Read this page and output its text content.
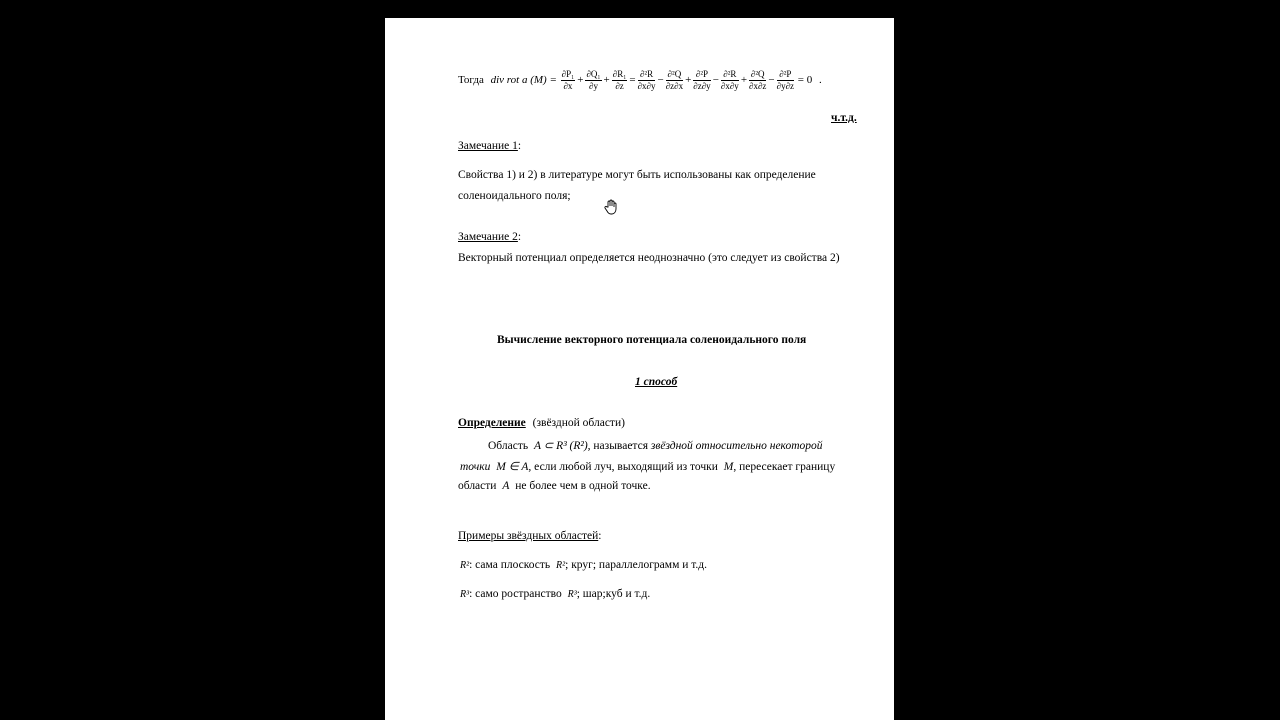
Тогда div rot a $(M) = \frac{\text{∂P₁}}{\partial x} + \frac{\text{∂Q₁}}{\partial y} + \frac{\text{∂R₁}}{\partial z} = \frac{\text{∂²R}}{\partial x\partial y} - \frac{\text{∂²Q}}{\partial z\partial x} + \frac{\text{∂²P}}{\partial z\partial y} - \frac{\text{∂²R}}{\partial x\partial y} + \frac{\text{∂²Q}}{\partial x\partial z} - \frac{\text{∂²P}}{\partial y\partial z} = 0$ .
ч.т.д.
Замечание 1:
Свойства 1) и 2) в литературе могут быть использованы как определение
соленоидального поля;
Замечание 2:
Векторный потенциал определяется неоднозначно (это следует из свойства 2)
Вычисление векторного потенциала соленоидального поля
1 способ
Определение (звёздной области)
Область A ⊂ R³ (R²), называется звёздной относительно некоторой
точки M ∈ A, если любой луч, выходящий из точки M, пересекает границу
области A не более чем в одной точке.
Примеры звёздных областей:
R²: сама плоскость R²; круг; параллелограмм и т.д.
R³: само ространство R³; шар;куб и т.д.
